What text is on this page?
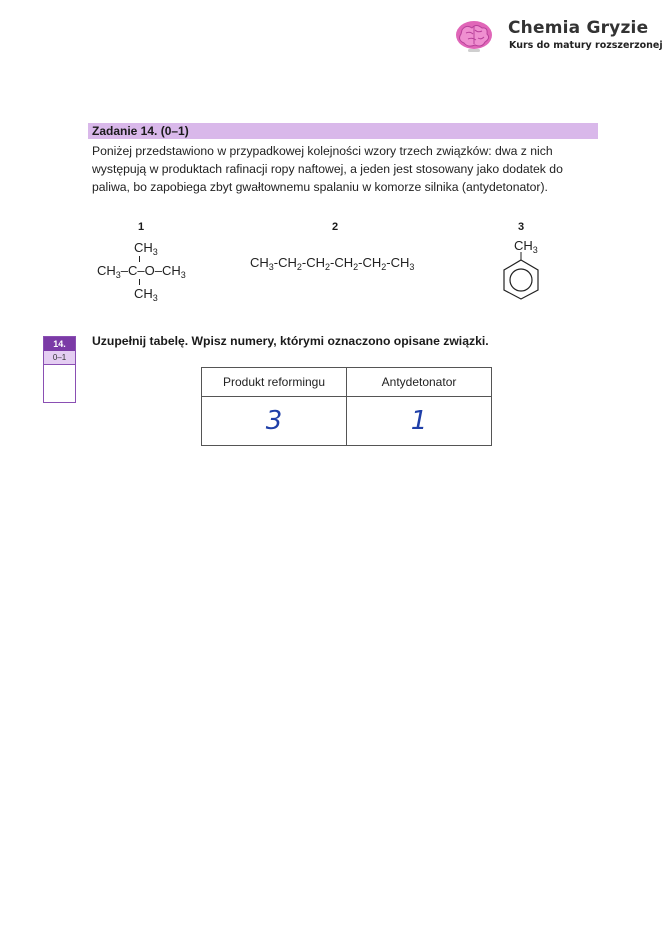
Chemia Gryzie
Kurs do matury rozszerzonej
Zadanie 14. (0–1)
Poniżej przedstawiono w przypadkowej kolejności wzory trzech związków: dwa z nich
występują w produktach rafinacji ropy naftowej, a jeden jest stosowany jako dodatek do
paliwa, bo zapobiega zbyt gwałtownemu spalaniu w komorze silnika (antydetonator).
1	2	3
$CH_3$
$CH_3-C-O-CH_3$
$CH_3$
$CH_3-CH_2-CH_2-CH_2-CH_2-CH_3$
$CH_3$
14.
0–1
Uzupełnij tabelę. Wpisz numery, którymi oznaczono opisane związki.
Produkt reformingu	Antydetonator
3	1
